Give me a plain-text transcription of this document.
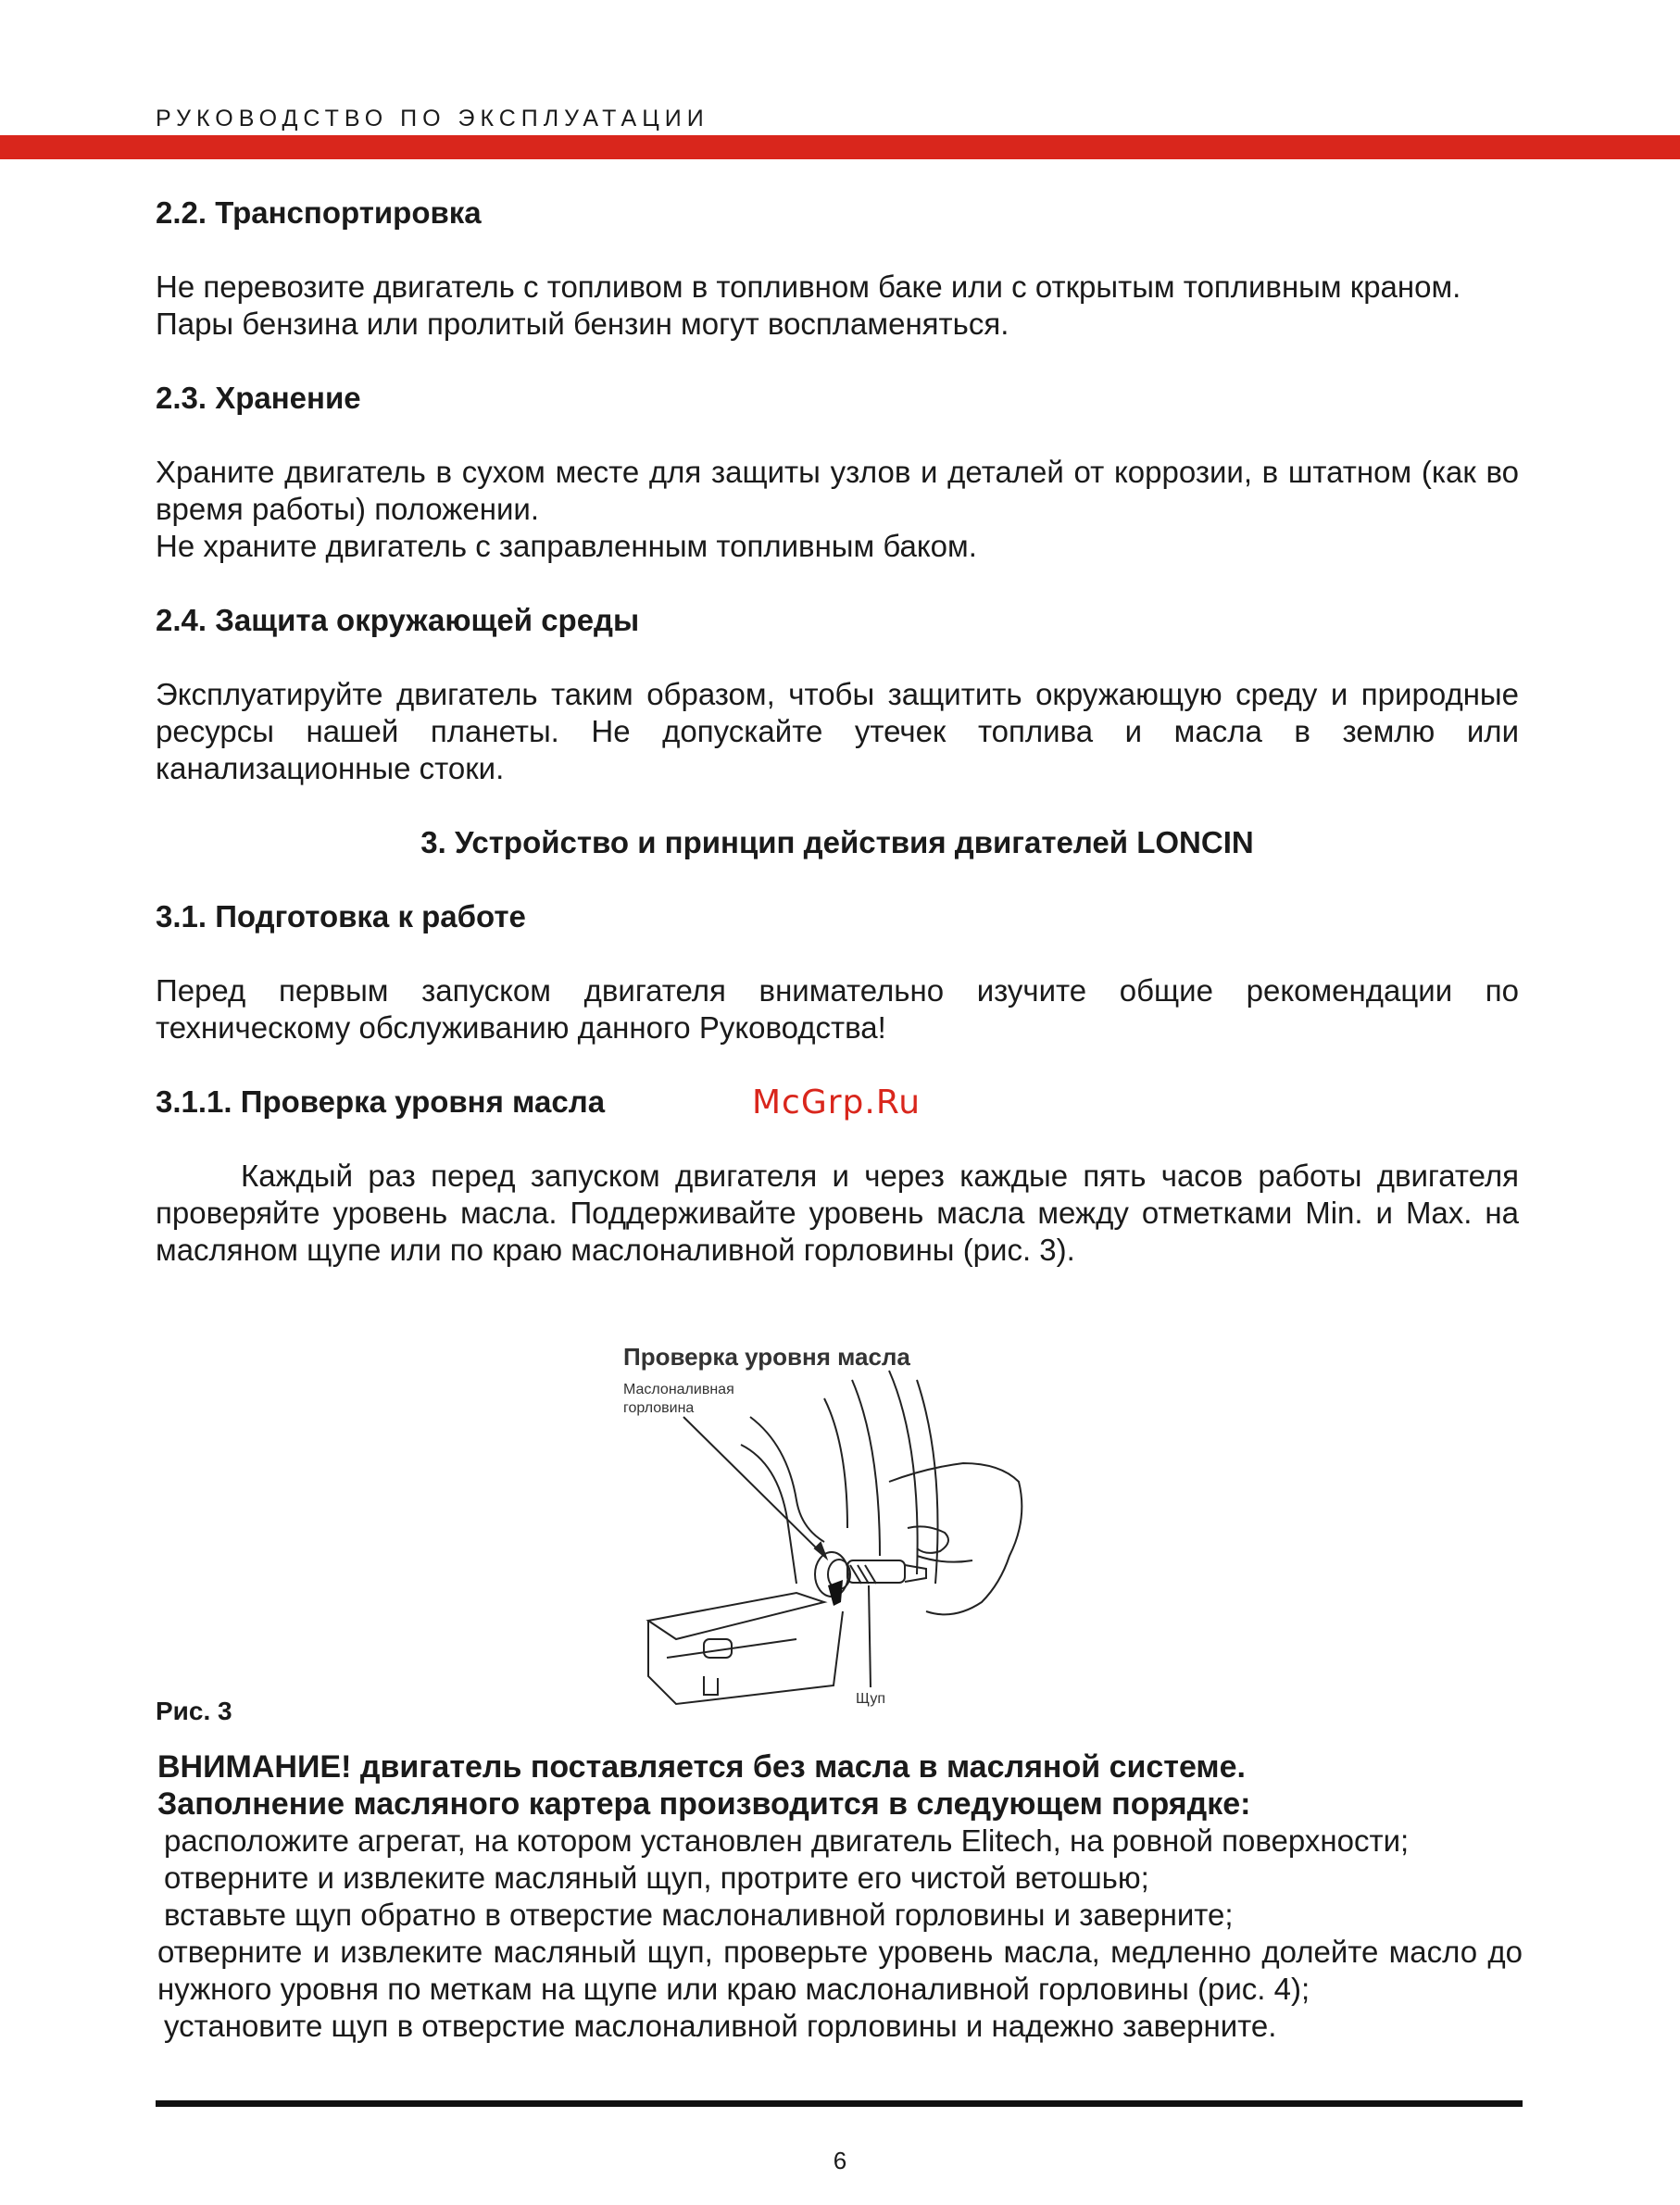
РУКОВОДСТВО ПО ЭКСПЛУАТАЦИИ

2.2. Транспортировка

Не перевозите двигатель с топливом в топливном баке или с открытым топливным краном.

Пары бензина или пролитый бензин могут воспламеняться.

2.3. Хранение

Храните двигатель в сухом месте для защиты узлов и деталей от коррозии, в штатном (как во время работы) положении.

Не храните двигатель с заправленным топливным баком.

2.4. Защита окружающей среды

Эксплуатируйте двигатель таким образом, чтобы защитить окружающую среду и природные ресурсы нашей планеты. Не допускайте утечек топлива и масла в землю или канализационные стоки.

3. Устройство и принцип действия двигателей LONCIN

3.1. Подготовка к работе

Перед первым запуском двигателя внимательно изучите общие рекомендации по техническому обслуживанию данного Руководства!

3.1.1. Проверка уровня масла

Каждый раз перед запуском двигателя и через каждые пять часов работы двигателя проверяйте уровень масла. Поддерживайте уровень масла между отметками Min. и Max. на масляном щупе или по краю маслоналивной горловины (рис. 3).

McGrp.Ru
Проверка уровня масла
Маслоналивная
горловина
Щуп
Рис. 3

ВНИМАНИЕ! двигатель поставляется без масла в масляной системе.

Заполнение масляного картера производится в следующем порядке:

расположите агрегат, на котором установлен двигатель Elitech, на ровной поверхности;

отверните и извлеките масляный щуп, протрите его чистой ветошью;

вставьте щуп обратно в отверстие маслоналивной горловины и заверните;

отверните и извлеките масляный щуп, проверьте уровень масла, медленно долейте масло до нужного уровня по меткам на щупе или краю маслоналивной горловины (рис. 4);

установите щуп в отверстие маслоналивной горловины и надежно заверните.

6
